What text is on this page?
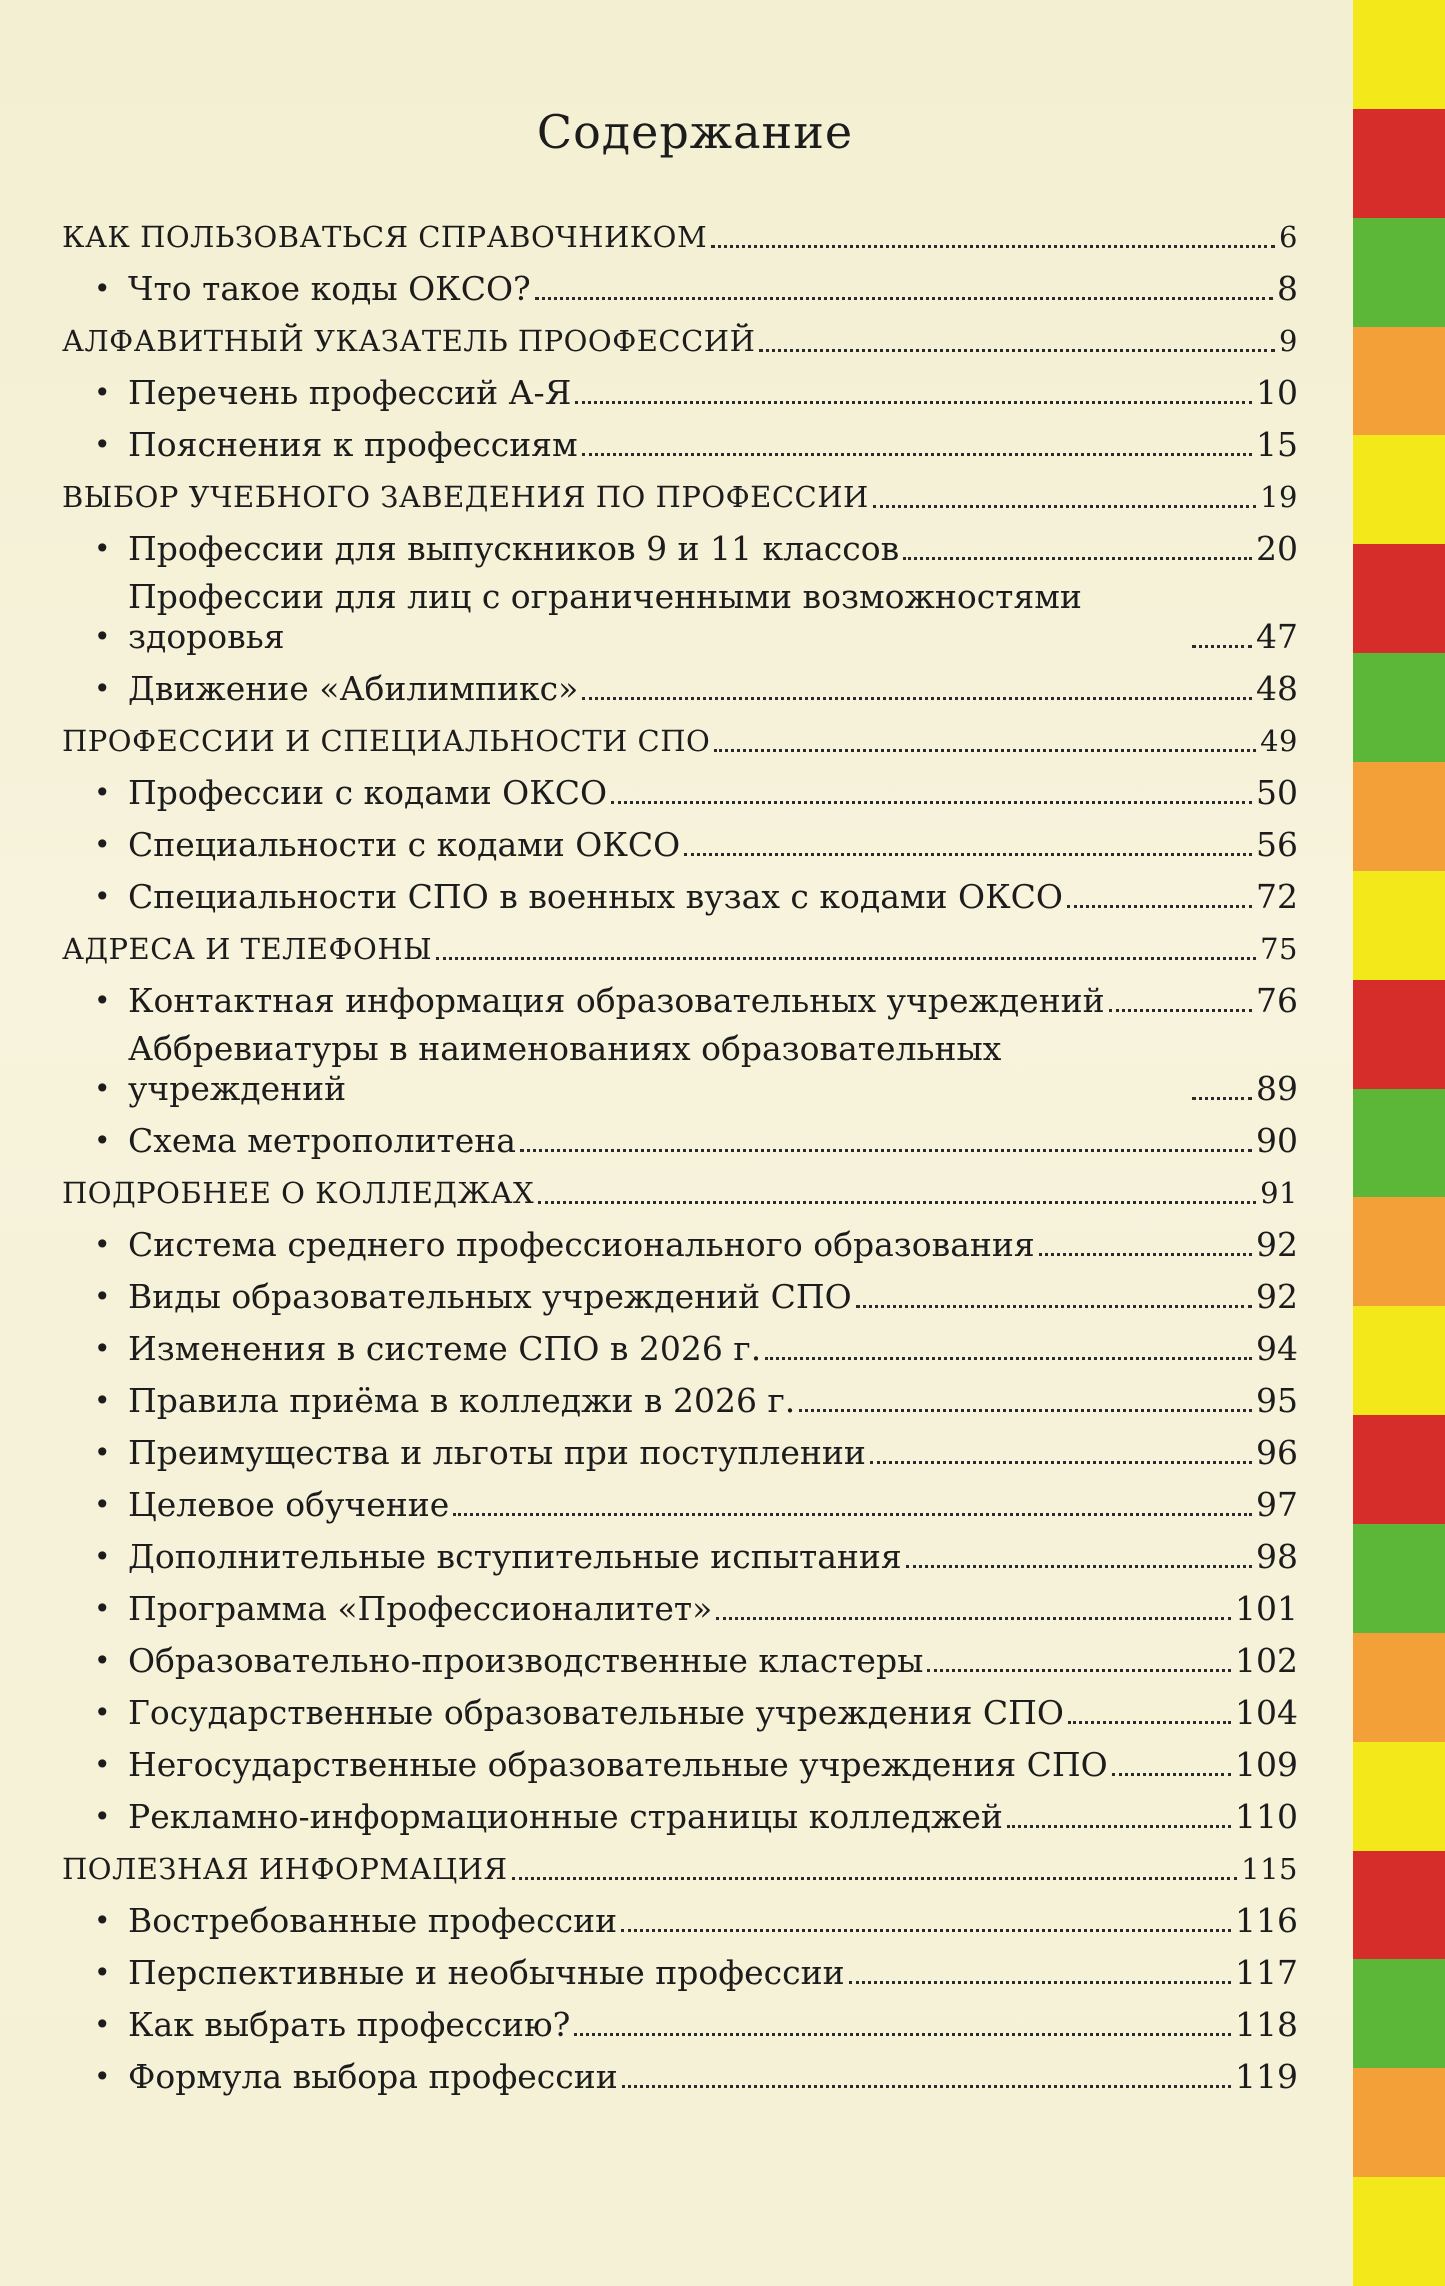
Содержание
КАК ПОЛЬЗОВАТЬСЯ СПРАВОЧНИКОМ	6
• Что такое коды ОКСО?	8
АЛФАВИТНЫЙ УКАЗАТЕЛЬ ПРООФЕССИЙ	9
• Перечень профессий А-Я	10
• Пояснения к профессиям	15
ВЫБОР УЧЕБНОГО ЗАВЕДЕНИЯ ПО ПРОФЕССИИ	19
• Профессии для выпускников 9 и 11 классов	20
•
Профессии для лиц с ограниченными возможностями здоровья	47
• Движение «Абилимпикс»	48
ПРОФЕССИИ И СПЕЦИАЛЬНОСТИ СПО	49
• Профессии с кодами ОКСО	50
• Специальности с кодами ОКСО	56
• Специальности СПО в военных вузах с кодами ОКСО	72
АДРЕСА И ТЕЛЕФОНЫ	75
• Контактная информация образовательных учреждений	76
•
Аббревиатуры в наименованиях образовательных учреждений	89
• Схема метрополитена	90
ПОДРОБНЕЕ О КОЛЛЕДЖАХ	91
• Система среднего профессионального образования	92
• Виды образовательных учреждений СПО	92
• Изменения в системе СПО в 2026 г.	94
• Правила приёма в колледжи в 2026 г.	95
• Преимущества и льготы при поступлении	96
• Целевое обучение	97
• Дополнительные вступительные испытания	98
• Программа «Профессионалитет»	101
• Образовательно-производственные кластеры	102
• Государственные образовательные учреждения СПО	104
• Негосударственные образовательные учреждения СПО	109
• Рекламно-информационные страницы колледжей	110
ПОЛЕЗНАЯ ИНФОРМАЦИЯ	115
• Востребованные профессии	116
• Перспективные и необычные профессии	117
• Как выбрать профессию?	118
• Формула выбора профессии	119
